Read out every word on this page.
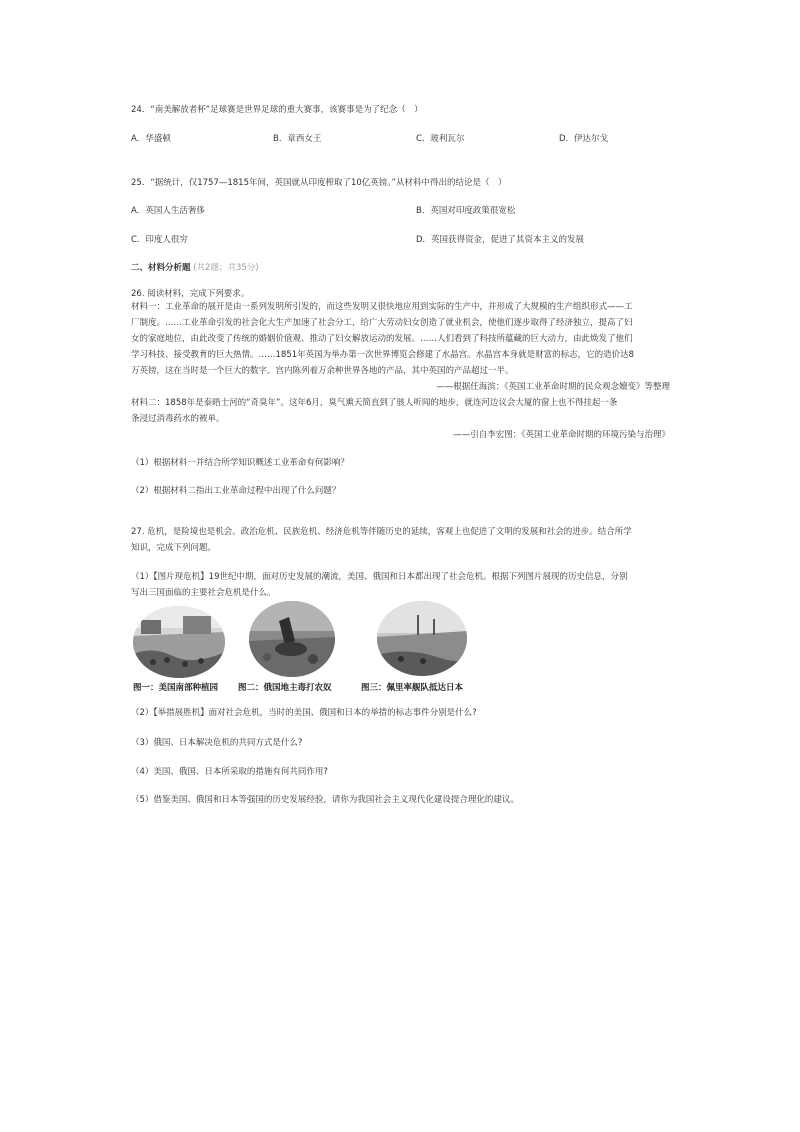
24．“南美解放者杯”足球赛是世界足球的重大赛事，该赛事是为了纪念（　）
A．华盛顿	B．章西女王	C．玻利瓦尔	D．伊达尔戈
25．“据统计，仅1757—1815年间，英国就从印度榨取了10亿英镑。”从材料中得出的结论是（　）
A．英国人生活奢侈	B．英国对印度政策很宽松
C．印度人很穷	D．英国获得资金，促进了其资本主义的发展
二、材料分析题 (共2题；共35分)
26. 阅读材料，完成下列要求。
材料一：工业革命的展开是由一系列发明所引发的，而这些发明又很快地应用到实际的生产中，并形成了大规模的生产组织形式——工
厂制度。……工业革命引发的社会化大生产加速了社会分工，给广大劳动妇女创造了就业机会，使他们逐步取得了经济独立，提高了妇
女的家庭地位，由此改变了传统的婚姻价值观、推动了妇女解放运动的发展。……人们看到了科技所蕴藏的巨大动力，由此焕发了他们
学习科技、接受教育的巨大热情。……1851年英国为举办第一次世界博览会修建了水晶宫。水晶宫本身就是财富的标志，它的造价达8
万英镑，这在当时是一个巨大的数字。宫内陈列着万余种世界各地的产品，其中英国的产品超过一半。
——根据任海滨：《英国工业革命时期的民众观念嬗变》等整理
材料二：1858年是泰晤士河的“奇臭年”。这年6月，臭气熏天简直到了骇人听闻的地步，就连河边议会大厦的窗上也不得挂起一条
条浸过消毒药水的被单。
——引自李宏图：《英国工业革命时期的环境污染与治理》
（1）根据材料一并结合所学知识概述工业革命有何影响？
（2）根据材料二指出工业革命过程中出现了什么问题？
27. 危机，是险境也是机会。政治危机、民族危机、经济危机等伴随历史的延续，客观上也促进了文明的发展和社会的进步。结合所学
知识，完成下列问题。
（1）【图片现危机】19世纪中期，面对历史发展的潮流，美国、俄国和日本都出现了社会危机。根据下列图片展现的历史信息，分别
写出三国面临的主要社会危机是什么。
图一：美国南部种植园 图二：俄国地主毒打农奴	图三：佩里率舰队抵达日本
（2）【举措展胜机】面对社会危机，当时的美国、俄国和日本的举措的标志事件分别是什么?
（3）俄国、日本解决危机的共同方式是什么?
（4）美国、俄国、日本所采取的措施有何共同作用?
（5）借鉴美国、俄国和日本等强国的历史发展经验，请你为我国社会主义现代化建设提合理化的建议。
